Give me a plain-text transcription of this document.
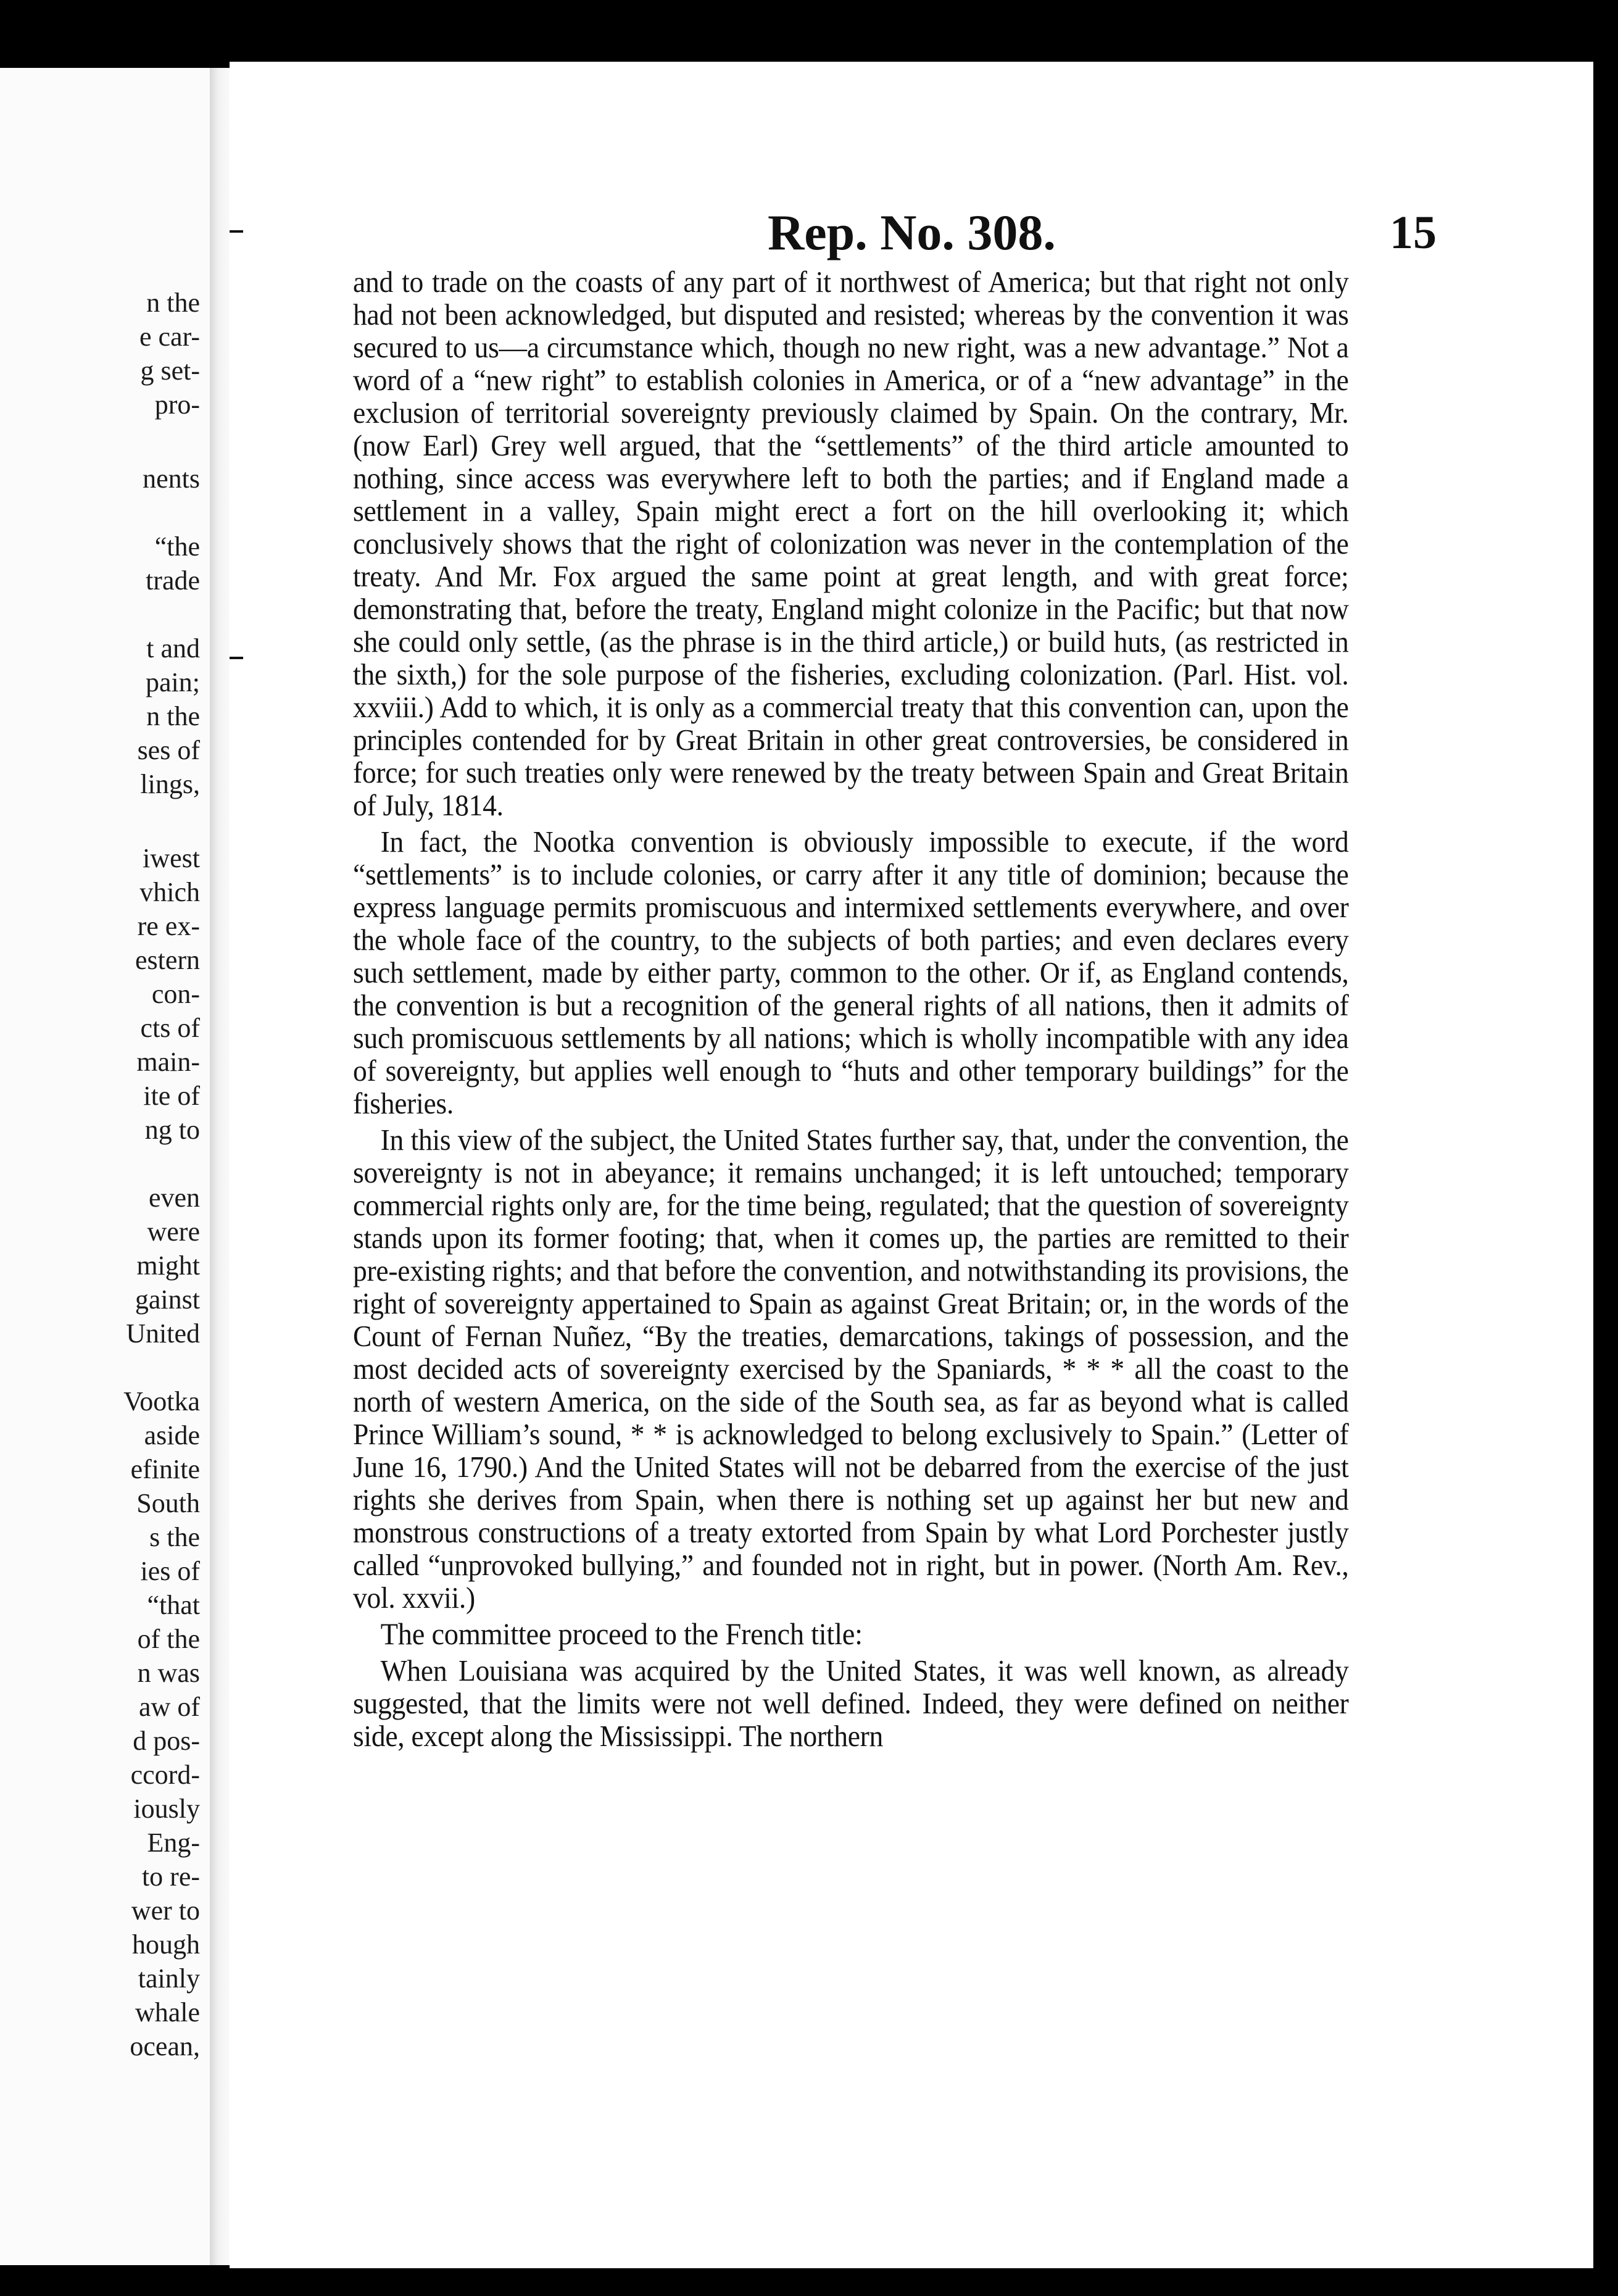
n the
e car-
g set-
pro-
nents
“the
trade
t and
pain;
n the
ses of
lings,
iwest
vhich
re ex-
estern
con-
cts of
main-
ite of
ng to
even
were
might
gainst
United
Vootka
aside
efinite
South
s the
ies of
“that
of the
n was
aw of
d pos-
ccord-
iously
Eng-
to re-
wer to
hough
tainly
whale
ocean,
Rep. No. 308.	15

and to trade on the coasts of any part of it northwest of America; but that right not only had not been acknowledged, but disputed and resisted; whereas by the convention it was secured to us—a circumstance which, though no new right, was a new advantage.” Not a word of a “new right” to establish colonies in America, or of a “new advantage” in the exclusion of territorial sovereignty previously claimed by Spain. On the contrary, Mr. (now Earl) Grey well argued, that the “settlements” of the third article amounted to nothing, since access was everywhere left to both the parties; and if England made a settlement in a valley, Spain might erect a fort on the hill overlooking it; which conclusively shows that the right of colonization was never in the contemplation of the treaty. And Mr. Fox argued the same point at great length, and with great force; demonstrating that, before the treaty, England might colonize in the Pacific; but that now she could only settle, (as the phrase is in the third article,) or build huts, (as restricted in the sixth,) for the sole purpose of the fisheries, excluding colonization. (Parl. Hist. vol. xxviii.) Add to which, it is only as a commercial treaty that this convention can, upon the principles contended for by Great Britain in other great controversies, be considered in force; for such treaties only were renewed by the treaty between Spain and Great Britain of July, 1814.

In fact, the Nootka convention is obviously impossible to execute, if the word “settlements” is to include colonies, or carry after it any title of dominion; because the express language permits promiscuous and intermixed settlements everywhere, and over the whole face of the country, to the subjects of both parties; and even declares every such settlement, made by either party, common to the other. Or if, as England contends, the convention is but a recognition of the general rights of all nations, then it admits of such promiscuous settlements by all nations; which is wholly incompatible with any idea of sovereignty, but applies well enough to “huts and other temporary buildings” for the fisheries.

In this view of the subject, the United States further say, that, under the convention, the sovereignty is not in abeyance; it remains unchanged; it is left untouched; temporary commercial rights only are, for the time being, regulated; that the question of sovereignty stands upon its former footing; that, when it comes up, the parties are remitted to their pre-existing rights; and that before the convention, and notwithstanding its provisions, the right of sovereignty appertained to Spain as against Great Britain; or, in the words of the Count of Fernan Nuñez, “By the treaties, demarcations, takings of possession, and the most decided acts of sovereignty exercised by the Spaniards, * * * all the coast to the north of western America, on the side of the South sea, as far as beyond what is called Prince William’s sound, * * is acknowledged to belong exclusively to Spain.” (Letter of June 16, 1790.) And the United States will not be debarred from the exercise of the just rights she derives from Spain, when there is nothing set up against her but new and monstrous constructions of a treaty extorted from Spain by what Lord Porchester justly called “unprovoked bullying,” and founded not in right, but in power. (North Am. Rev., vol. xxvii.)

The committee proceed to the French title:

When Louisiana was acquired by the United States, it was well known, as already suggested, that the limits were not well defined. Indeed, they were defined on neither side, except along the Mississippi. The northern
